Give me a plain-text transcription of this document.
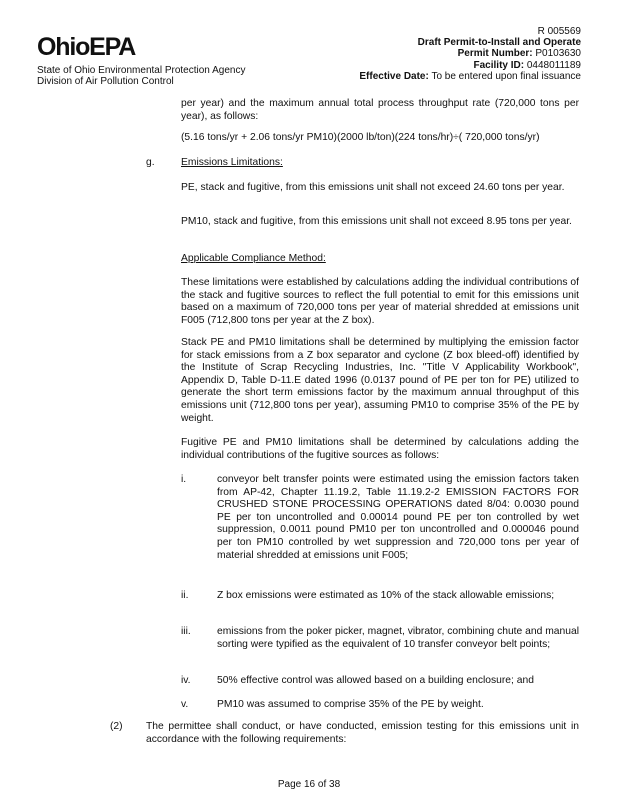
OhioEPA
State of Ohio Environmental Protection Agency
Division of Air Pollution Control
R 005569
Draft Permit-to-Install and Operate
Permit Number: P0103630
Facility ID: 0448011189
Effective Date: To be entered upon final issuance

per year) and the maximum annual total process throughput rate (720,000 tons per year), as follows:

(5.16 tons/yr + 2.06 tons/yr PM10)(2000 lb/ton)(224 tons/hr)÷( 720,000 tons/yr)

g.	Emissions Limitations:

PE, stack and fugitive, from this emissions unit shall not exceed 24.60 tons per year.

PM10, stack and fugitive, from this emissions unit shall not exceed 8.95 tons per year.

Applicable Compliance Method:

These limitations were established by calculations adding the individual contributions of the stack and fugitive sources to reflect the full potential to emit for this emissions unit based on a maximum of 720,000 tons per year of material shredded at emissions unit F005 (712,800 tons per year at the Z box).

Stack PE and PM10 limitations shall be determined by multiplying the emission factor for stack emissions from a Z box separator and cyclone (Z box bleed-off) identified by the Institute of Scrap Recycling Industries, Inc. "Title V Applicability Workbook", Appendix D, Table D-11.E dated 1996 (0.0137 pound of PE per ton for PE) utilized to generate the short term emissions factor by the maximum annual throughput of this emissions unit (712,800 tons per year), assuming PM10 to comprise 35% of the PE by weight.

Fugitive PE and PM10 limitations shall be determined by calculations adding the individual contributions of the fugitive sources as follows:

i.	conveyor belt transfer points were estimated using the emission factors taken from AP-42, Chapter 11.19.2, Table 11.19.2-2 EMISSION FACTORS FOR CRUSHED STONE PROCESSING OPERATIONS dated 8/04: 0.0030 pound PE per ton uncontrolled and 0.00014 pound PE per ton controlled by wet suppression, 0.0011 pound PM10 per ton uncontrolled and 0.000046 pound per ton PM10 controlled by wet suppression and 720,000 tons per year of material shredded at emissions unit F005;

ii.	Z box emissions were estimated as 10% of the stack allowable emissions;

iii.	emissions from the poker picker, magnet, vibrator, combining chute and manual sorting were typified as the equivalent of 10 transfer conveyor belt points;

iv.	50% effective control was allowed based on a building enclosure; and

v.	PM10 was assumed to comprise 35% of the PE by weight.

(2) The permittee shall conduct, or have conducted, emission testing for this emissions unit in accordance with the following requirements:

Page 16 of 38
